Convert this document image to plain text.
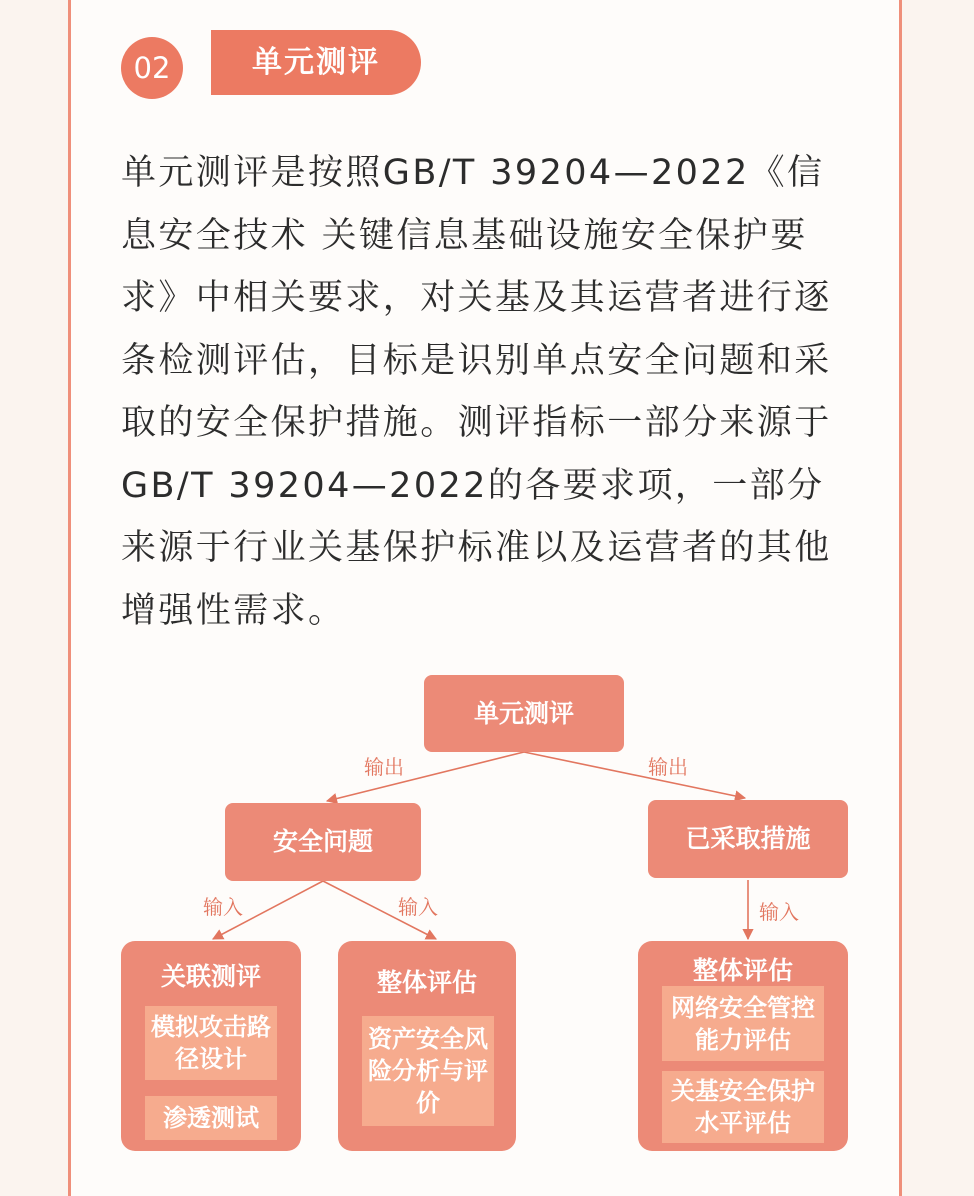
02	单元测评

单元测评是按照GB/T 39204—2022《信息安全技术 关键信息基础设施安全保护要求》中相关要求，对关基及其运营者进行逐条检测评估，目标是识别单点安全问题和采取的安全保护措施。测评指标一部分来源于GB/T 39204—2022的各要求项，一部分来源于行业关基保护标准以及运营者的其他增强性需求。

输出	输出
输入	输入	输入
单元测评
安全问题	已采取措施
关联测评
模拟攻击路径设计
渗透测试
整体评估
资产安全风险分析与评价
整体评估
网络安全管控能力评估
关基安全保护水平评估
